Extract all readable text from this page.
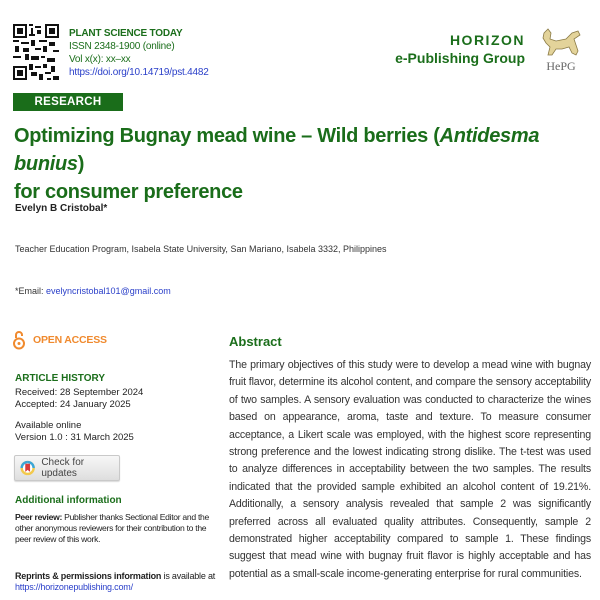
PLANT SCIENCE TODAY
ISSN 2348-1900 (online)
Vol x(x): xx–xx
https://doi.org/10.14719/pst.4482
HORIZON
e-Publishing Group HePG
RESEARCH ARTICLE
Optimizing Bugnay mead wine – Wild berries (Antidesma bunius)
for consumer preference
Evelyn B Cristobal*
Teacher Education Program, Isabela State University, San Mariano, Isabela 3332, Philippines
*Email: evelyncristobal101@gmail.com
OPEN ACCESS
ARTICLE HISTORY
Received: 28 September 2024
Accepted: 24 January 2025
Available online
Version 1.0 : 31 March 2025
Check for updates
Additional information
Peer review: Publisher thanks Sectional Editor and the other anonymous reviewers for their contribution to the peer review of this work.
Reprints & permissions information is available at https://horizonepublishing.com/
Abstract
The primary objectives of this study were to develop a mead wine with bugnay fruit flavor, determine its alcohol content, and compare the sensory acceptability of two samples. A sensory evaluation was conducted to characterize the wines based on appearance, aroma, taste and texture. To measure consumer acceptance, a Likert scale was employed, with the highest score representing strong preference and the lowest indicating strong dislike. The t-test was used to analyze differences in acceptability between the two samples. The results indicated that the provided sample exhibited an alcohol content of 19.21%. Additionally, a sensory analysis revealed that sample 2 was significantly preferred across all evaluated quality attributes. Consequently, sample 2 demonstrated higher acceptability compared to sample 1. These findings suggest that mead wine with bugnay fruit flavor is highly acceptable and has potential as a small-scale income-generating enterprise for rural communities.
